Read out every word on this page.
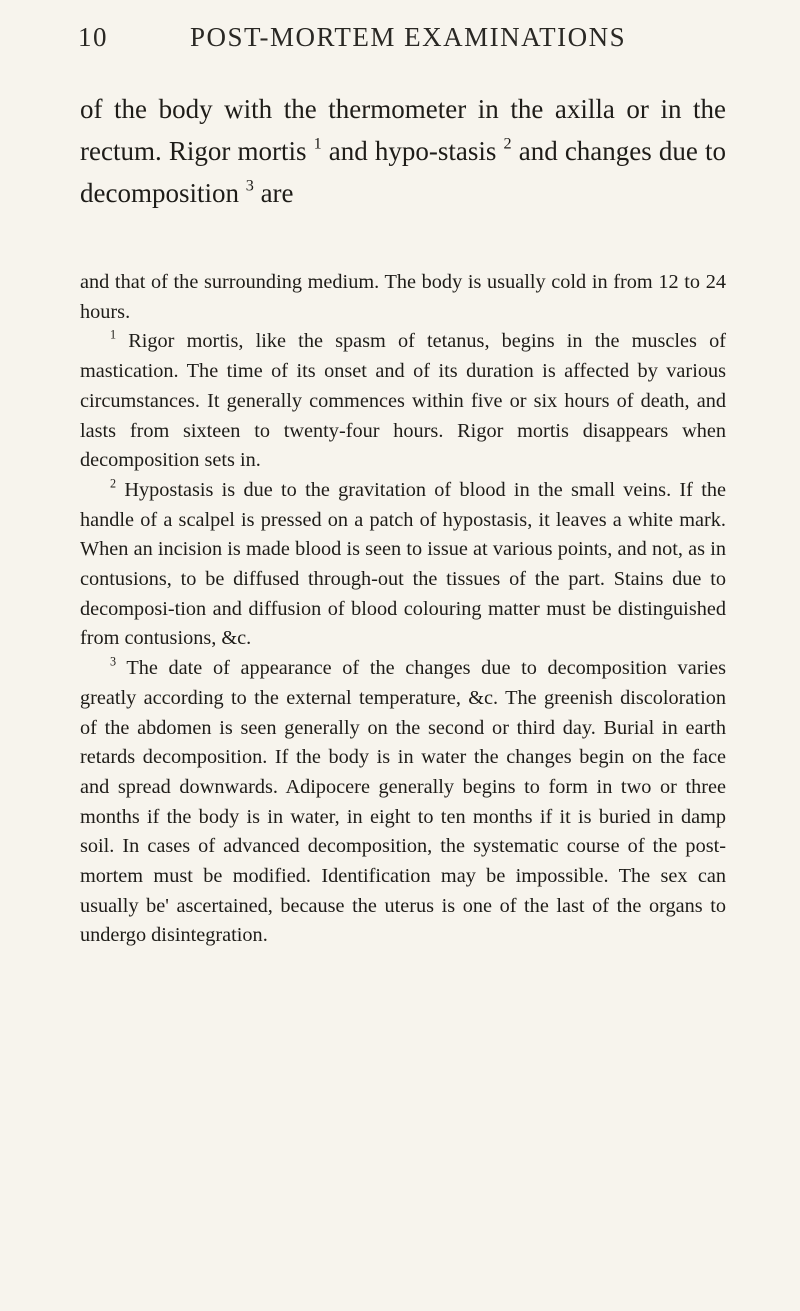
10	POST-MORTEM EXAMINATIONS

of the body with the thermometer in the axilla or in the rectum. Rigor mortis $^1$ and hypo-stasis $^2$ and changes due to decomposition $^3$ are

and that of the surrounding medium. The body is usually cold in from 12 to 24 hours.

$^1$ Rigor mortis, like the spasm of tetanus, begins in the muscles of mastication. The time of its onset and of its duration is affected by various circumstances. It generally commences within five or six hours of death, and lasts from sixteen to twenty-four hours. Rigor mortis disappears when decomposition sets in.

$^2$ Hypostasis is due to the gravitation of blood in the small veins. If the handle of a scalpel is pressed on a patch of hypostasis, it leaves a white mark. When an incision is made blood is seen to issue at various points, and not, as in contusions, to be diffused through-out the tissues of the part. Stains due to decomposi-tion and diffusion of blood colouring matter must be distinguished from contusions, &c.

$^3$ The date of appearance of the changes due to decomposition varies greatly according to the external temperature, &c. The greenish discoloration of the abdomen is seen generally on the second or third day. Burial in earth retards decomposition. If the body is in water the changes begin on the face and spread downwards. Adipocere generally begins to form in two or three months if the body is in water, in eight to ten months if it is buried in damp soil. In cases of advanced decomposition, the systematic course of the post-mortem must be modified. Identification may be impossible. The sex can usually be' ascertained, because the uterus is one of the last of the organs to undergo disintegration.
